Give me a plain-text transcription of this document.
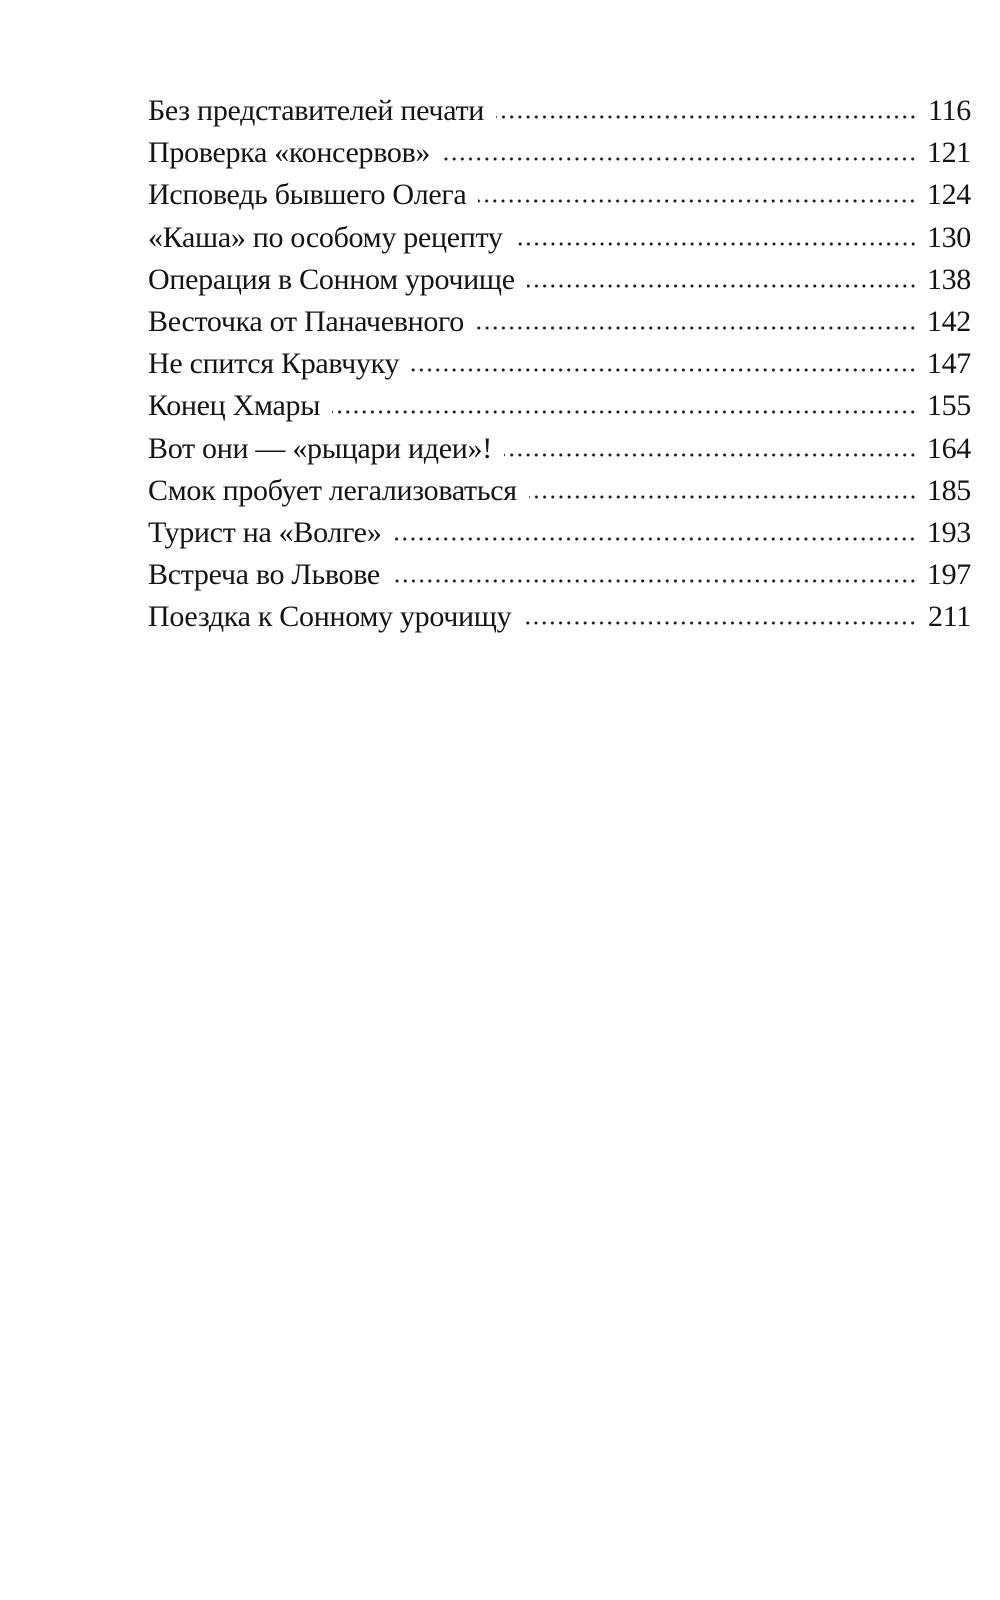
Без представителей печати	116
Проверка «консервов»	121
Исповедь бывшего Олега	124
«Каша» по особому рецепту	130
Операция в Сонном урочище	138
Весточка от Паначевного	142
Не спится Кравчуку	147
Конец Хмары	155
Вот они — «рыцари идеи»!	164
Смок пробует легализоваться	185
Турист на «Волге»	193
Встреча во Львове	197
Поездка к Сонному урочищу	211
